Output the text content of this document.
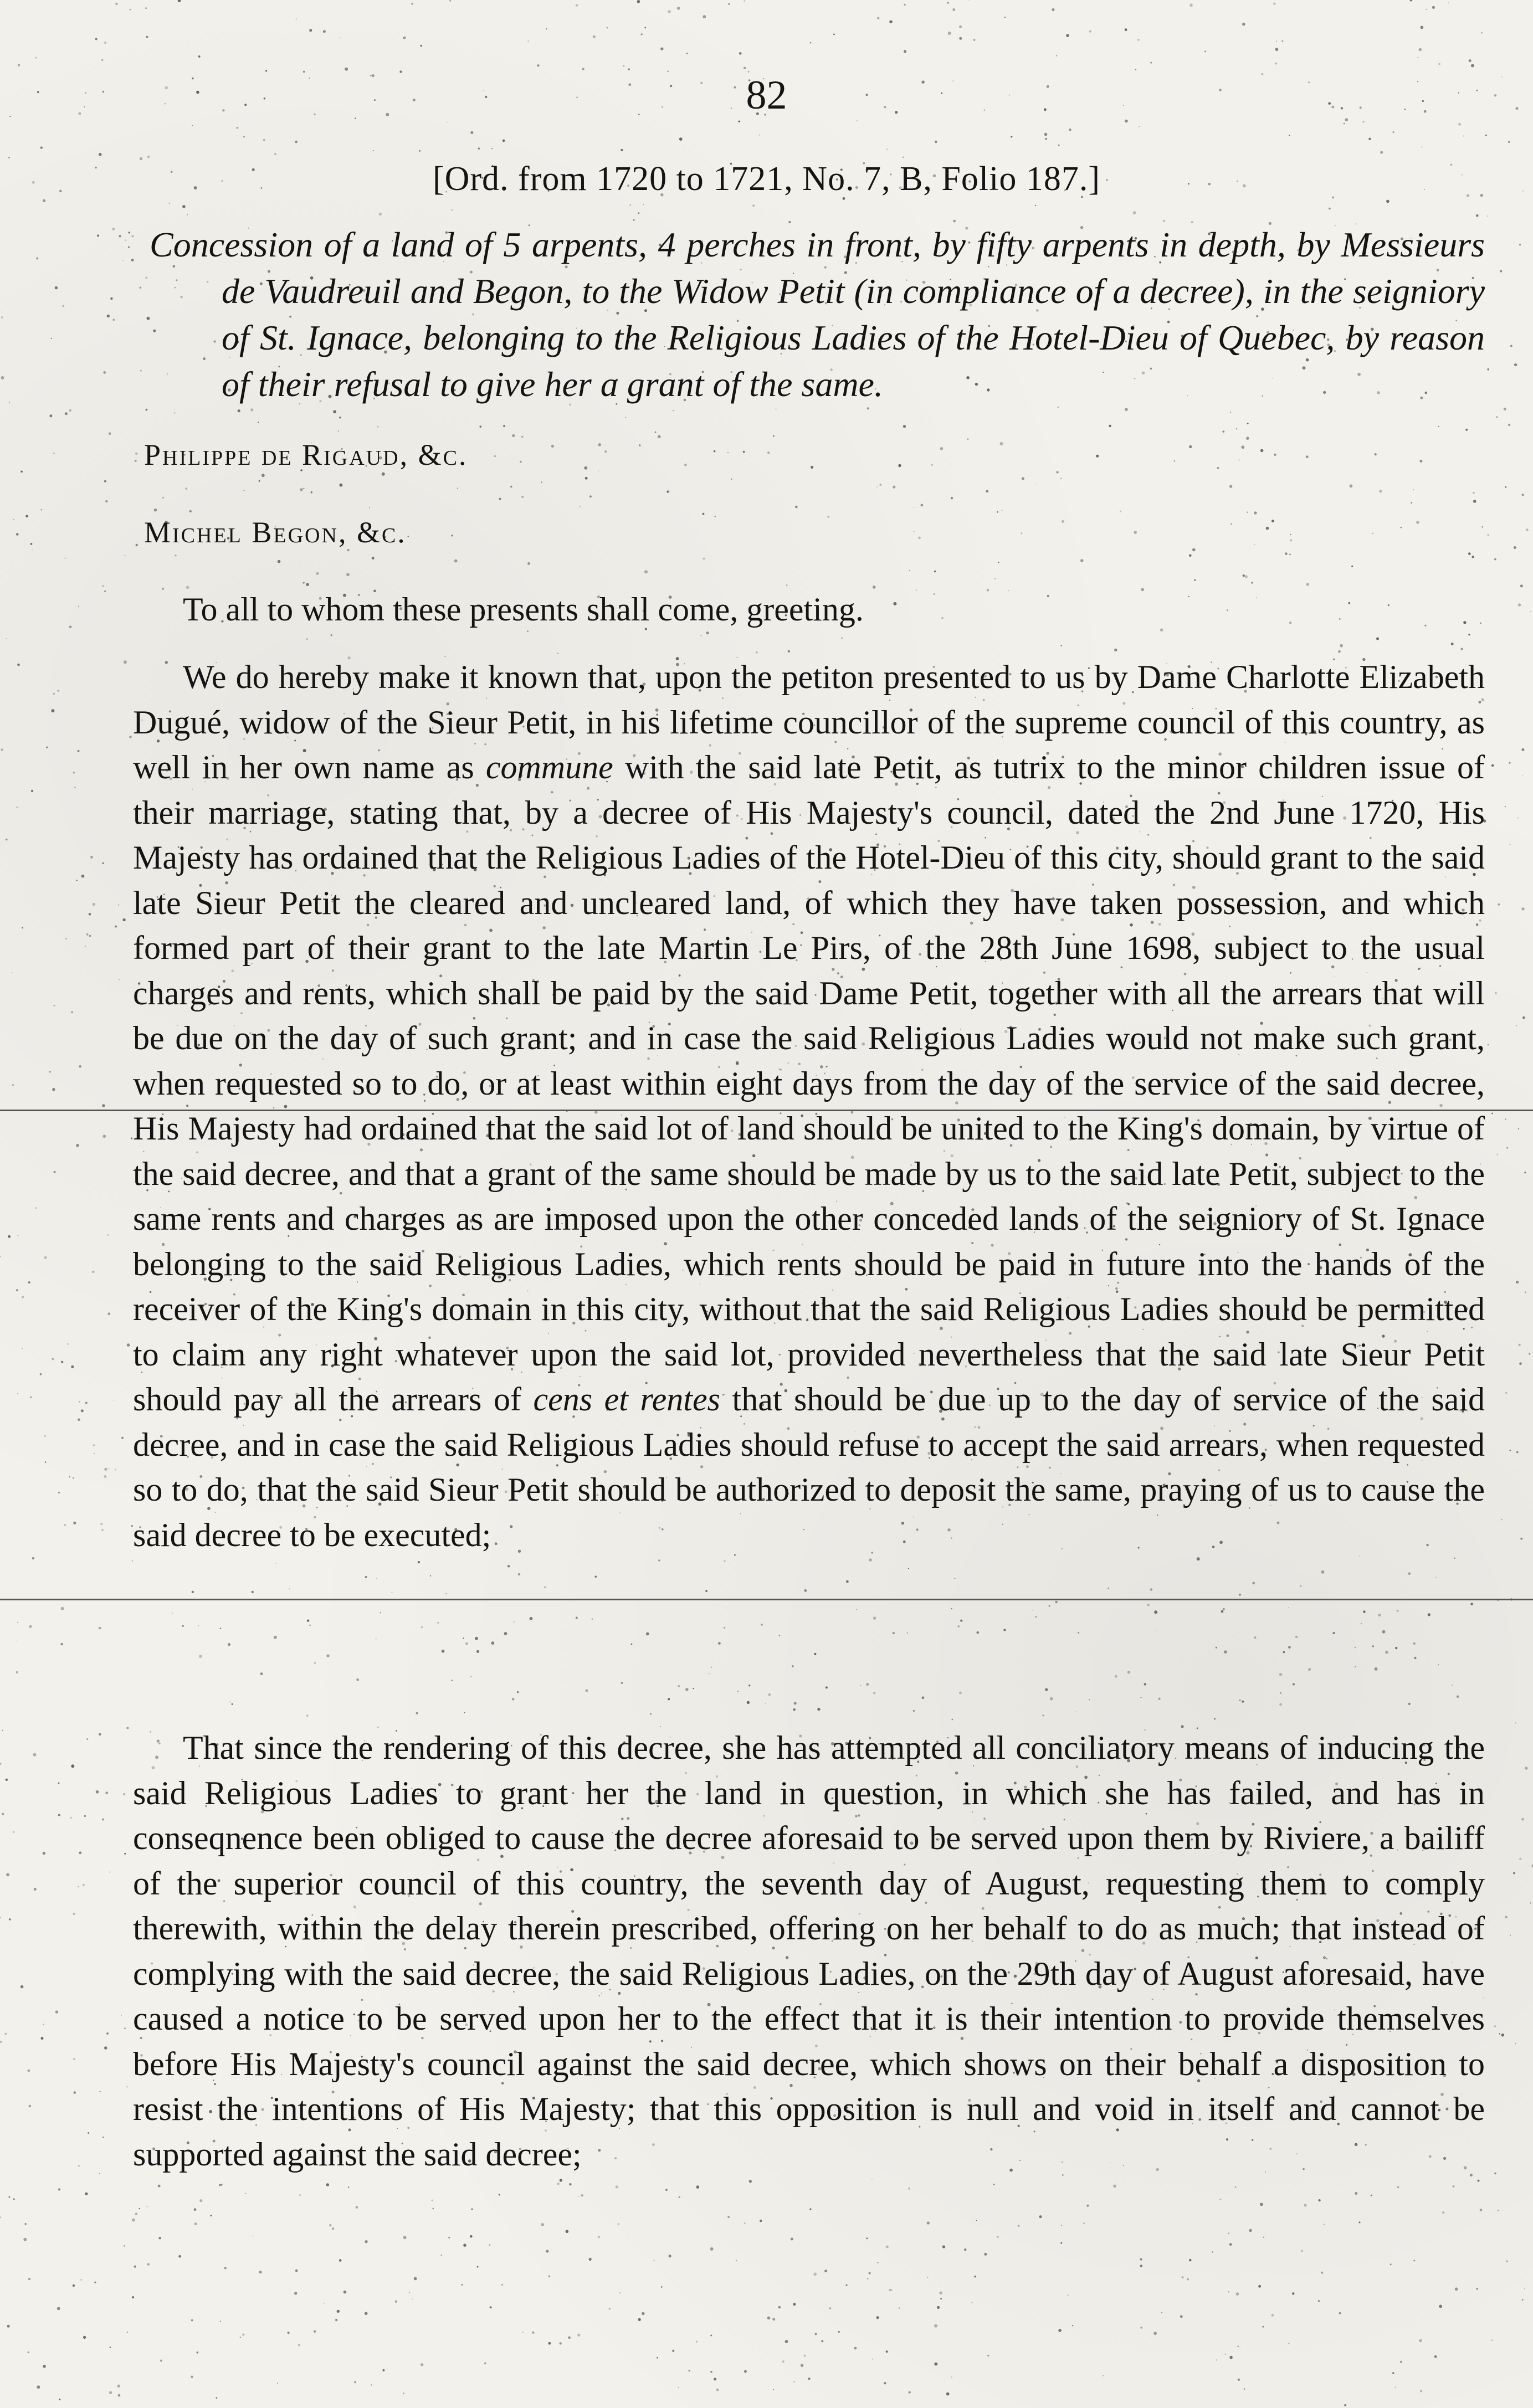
82
[Ord. from 1720 to 1721, No. 7, B, Folio 187.]
Concession of a land of 5 arpents, 4 perches in front, by fifty arpents in depth, by Messieurs de Vaudreuil and Begon, to the Widow Petit (in compliance of a decree), in the seigniory of St. Ignace, belonging to the Religious Ladies of the Hotel-Dieu of Quebec, by reason of their refusal to give her a grant of the same.
Philippe de Rigaud, &c.
Michel Begon, &c.
To all to whom these presents shall come, greeting.
We do hereby make it known that, upon the petiton presented to us by Dame Charlotte Elizabeth Dugué, widow of the Sieur Petit, in his lifetime councillor of the supreme council of this country, as well in her own name as commune with the said late Petit, as tutrix to the minor children issue of their marriage, stating that, by a decree of His Majesty's council, dated the 2nd June 1720, His Majesty has ordained that the Religious Ladies of the Hotel-Dieu of this city, should grant to the said late Sieur Petit the cleared and uncleared land, of which they have taken possession, and which formed part of their grant to the late Martin Le Pirs, of the 28th June 1698, subject to the usual charges and rents, which shall be paid by the said Dame Petit, together with all the arrears that will be due on the day of such grant; and in case the said Religious Ladies would not make such grant, when requested so to do, or at least within eight days from the day of the service of the said decree, His Majesty had ordained that the said lot of land should be united to the King's domain, by virtue of the said decree, and that a grant of the same should be made by us to the said late Petit, subject to the same rents and charges as are imposed upon the other conceded lands of the seigniory of St. Ignace belonging to the said Religious Ladies, which rents should be paid in future into the hands of the receiver of the King's domain in this city, without that the said Religious Ladies should be permitted to claim any right whatever upon the said lot, provided nevertheless that the said late Sieur Petit should pay all the arrears of cens et rentes that should be due up to the day of service of the said decree, and in case the said Religious Ladies should refuse to accept the said arrears, when requested so to do, that the said Sieur Petit should be authorized to deposit the same, praying of us to cause the said decree to be executed;
That since the rendering of this decree, she has attempted all conciliatory means of inducing the said Religious Ladies to grant her the land in question, in which she has failed, and has in conseqnence been obliged to cause the decree aforesaid to be served upon them by Riviere, a bailiff of the superior council of this country, the seventh day of August, requesting them to comply therewith, within the delay therein prescribed, offering on her behalf to do as much; that instead of complying with the said decree, the said Religious Ladies, on the 29th day of August aforesaid, have caused a notice to be served upon her to the effect that it is their intention to provide themselves before His Majesty's council against the said decree, which shows on their behalf a disposition to resist the intentions of His Majesty; that this opposition is null and void in itself and cannot be supported against the said decree;
